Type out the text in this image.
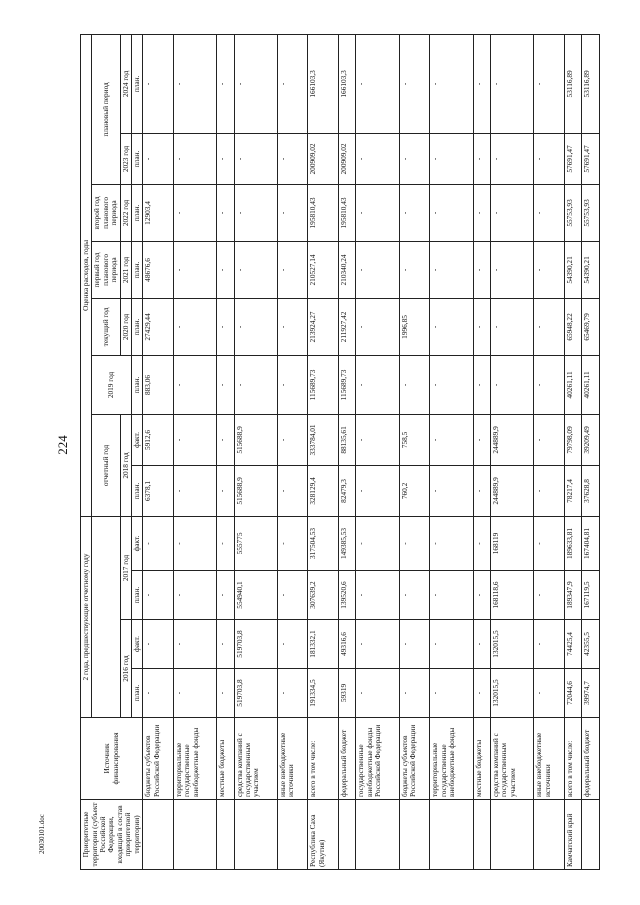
224
20030101.doc	Приоритетные территории (субъект Российской Федерации, входящий в состав приоритетной территории)	Источник финансирования	2 года, предшествующие отчетному году				Оценка расходов, годы							
						отчетный год		2019 год	текущий год	первый год планового периода	второй год планового периода	плановый период	
		2016 год		2017 год		2018 год			2020 год	2021 год	2022 год	2023 год	2024 год
		план.	факт.	план.	факт.	план.	факт.	план.	план.	план.	план.	план.	план.
	бюджеты субъектов Российской Федерации	-	-	-	-	6378,1	5912,6	883,06	27429,44	48676,6	12903,4	-	-
	территориальные государственные внебюджетные фонды	-	-	-	-	-	-	-	-	-	-	-	-
	местные бюджеты	-	-	-	-	-	-	-	-	-	-	-	-
	средства компаний с государственным участием	519703,8	519703,8	554940,1	555775	515688,9	515688,9	-	-	-	-	-	-
	иные внебюджетные источники	-	-	-	-	-	-	-	-	-	-	-	-
Республика Саха (Якутия)	всего в том числе:	191334,5	181332,1	307639,2	317504,53	328129,4	333784,01	115689,73	213924,27	210527,14	195810,43	200909,02	166103,3
	федеральный бюджет	59319	49316,6	139520,6	149385,53	82479,3	88135,61	115689,73	211927,42	210340,24	195810,43	200909,02	166103,3
	государственные внебюджетные фонды Российской Федерации	-	-	-	-	-	-	-	-	-	-	-	-
	бюджеты субъектов Российской Федерации	-	-	-	-	760,2	758,5	-	1996,85	-	-	-	-
	территориальные государственные внебюджетные фонды	-	-	-	-	-	-	-	-	-	-	-	-
	местные бюджеты	-	-	-	-	-	-	-	-	-	-	-	-
	средства компаний с государственным участием	132015,5	132015,5	168118,6	168119	244889,9	244889,9	-	-	-	-	-	-
	иные внебюджетные источники	-	-	-	-	-	-	-	-	-	-	-	-
Камчатский край	всего в том числе:	72044,6	74425,4	189347,9	189633,81	78217,4	79798,09	40261,11	65948,22	54390,21	55753,93	57691,47	53116,89
	федеральный бюджет	39974,7	42355,5	167119,5	167404,81	37628,8	39209,49	40261,11	65469,79	54390,21	55753,93	57691,47	53116,89
